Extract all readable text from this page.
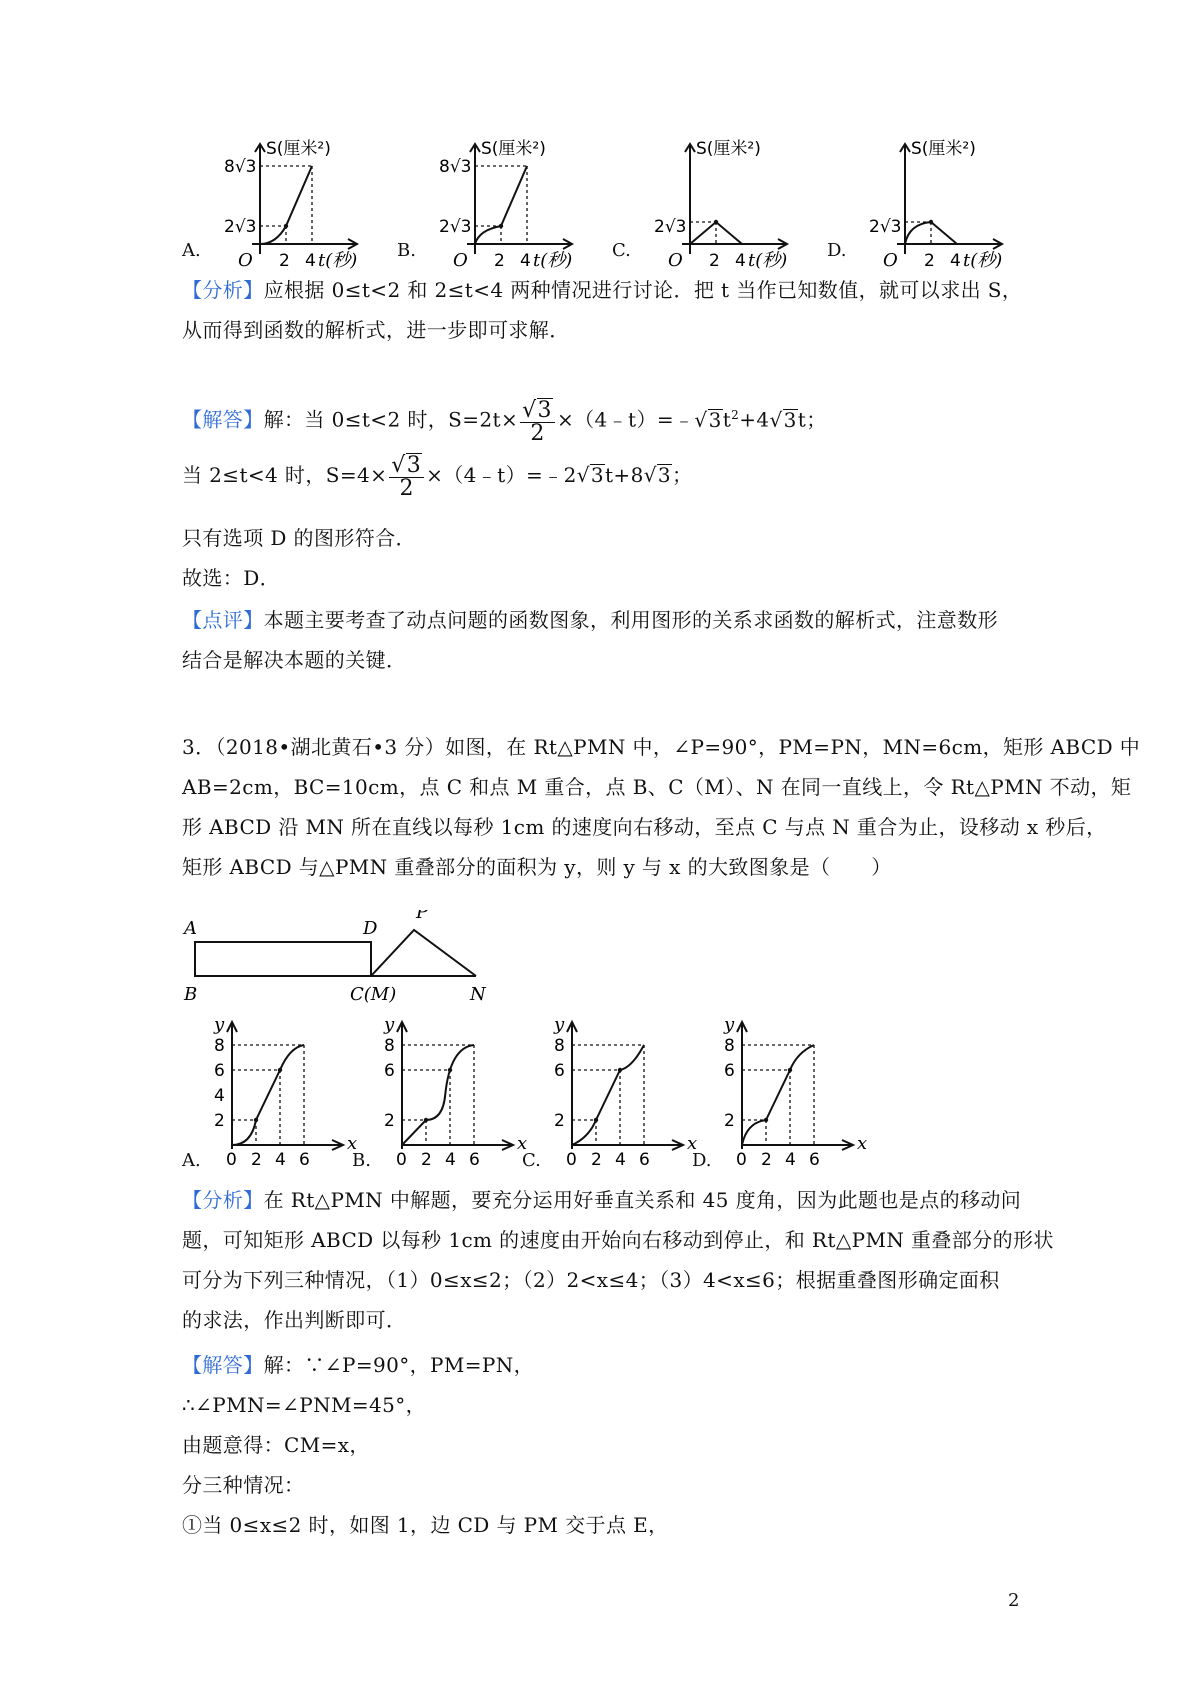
A.
S(厘米²)
O 2 4 t(秒)
2√3
8√3
B.
S(厘米²)
O 2 4 t(秒)
2√3
8√3
C.
S(厘米²)
O 2 4 t(秒)
2√3
D.
S(厘米²)
O 2 4 t(秒)
2√3
【分析】应根据 0≤t<2 和 2≤t<4 两种情况进行讨论．把 t 当作已知数值，就可以求出 S，
从而得到函数的解析式，进一步即可求解．
【解答】解：当 0≤t<2 时，$S=2t\times \frac{√3}{2}$ $\times(4﹣t)=﹣√3t^2+4√3t$；
当 2≤t<4 时，$S=4\times \frac{√3}{2}$ ×（4﹣t）=﹣2√3t+8√3；
只有选项 D 的图形符合．
故选：D．
【点评】本题主要考查了动点问题的函数图象，利用图形的关系求函数的解析式，注意数形
结合是解决本题的关键．
3．（2018•湖北黄石•3 分）如图，在 Rt△PMN 中，∠P=90°，PM=PN，MN=6cm，矩形 ABCD 中
AB=2cm，BC=10cm，点 C 和点 M 重合，点 B、C（M）、N 在同一直线上，令 Rt△PMN 不动，矩
形 ABCD 沿 MN 所在直线以每秒 1cm 的速度向右移动，至点 C 与点 N 重合为止，设移动 x 秒后，
矩形 ABCD 与△PMN 重叠部分的面积为 y，则 y 与 x 的大致图象是（　　）
A
B
D
C(M)
P
N
A.
y
x
0 2 4 6
2
4
6
8
B.
y
x
0 2 4 6
2
6
8
C.
y
x
0 2 4 6
2
6
8
D.
y
x
0 2 4 6
2
6
8
【分析】在 Rt△PMN 中解题，要充分运用好垂直关系和 45 度角，因为此题也是点的移动问
题，可知矩形 ABCD 以每秒 1cm 的速度由开始向右移动到停止，和 Rt△PMN 重叠部分的形状
可分为下列三种情况，（1）0≤x≤2；（2）2<x≤4；（3）4<x≤6；根据重叠图形确定面积
的求法，作出判断即可．
【解答】解：∵∠P=90°，PM=PN，
∴∠PMN=∠PNM=45°，
由题意得：CM=x，
分三种情况：
①当 0≤x≤2 时，如图 1，边 CD 与 PM 交于点 E，
2
